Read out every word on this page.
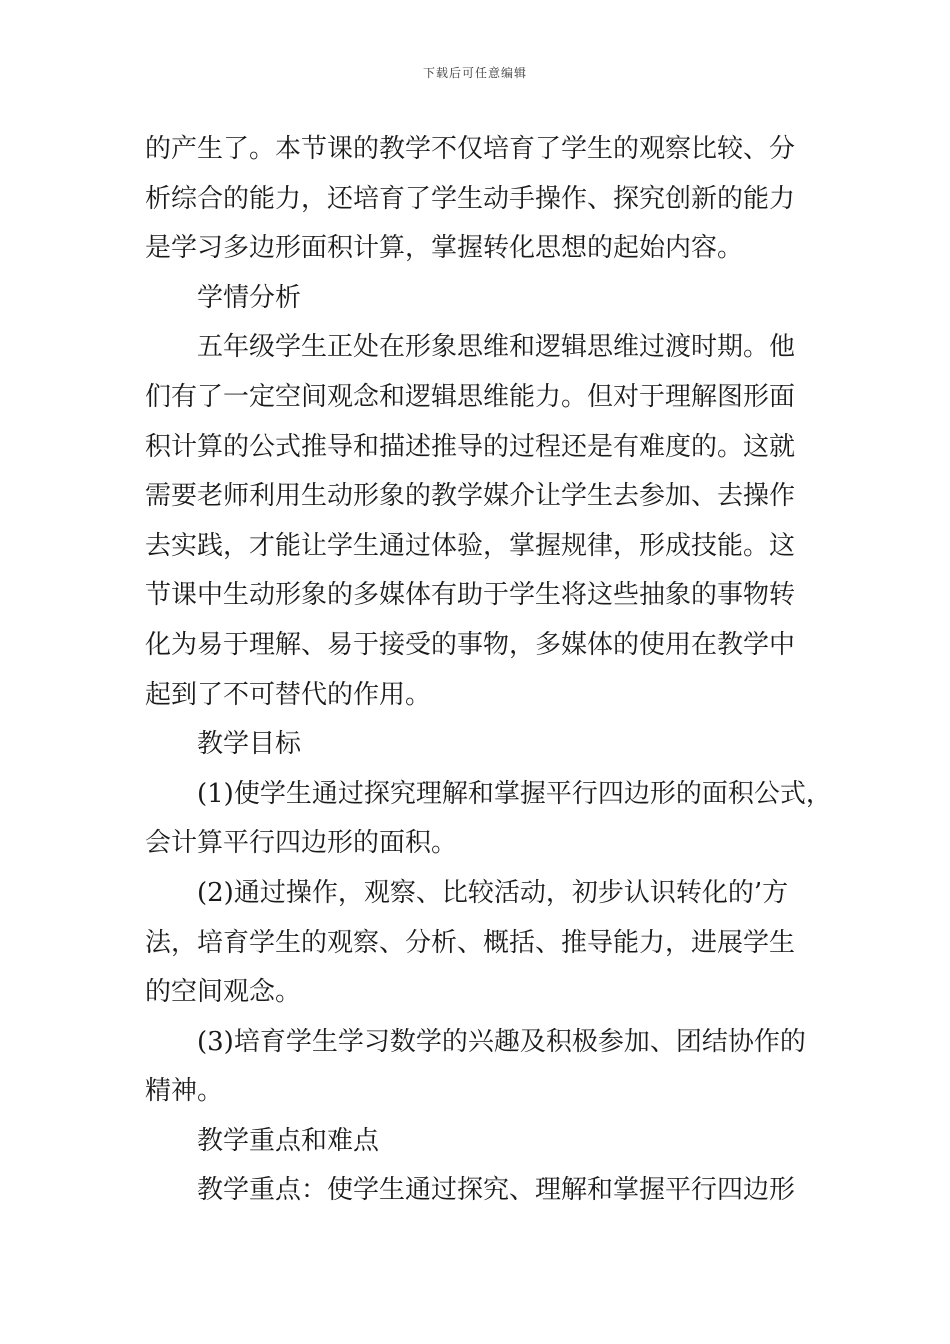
下载后可任意编辑
的产生了。本节课的教学不仅培育了学生的观察比较、分
析综合的能力，还培育了学生动手操作、探究创新的能力
是学习多边形面积计算，掌握转化思想的起始内容。
学情分析
五年级学生正处在形象思维和逻辑思维过渡时期。他
们有了一定空间观念和逻辑思维能力。但对于理解图形面
积计算的公式推导和描述推导的过程还是有难度的。这就
需要老师利用生动形象的教学媒介让学生去参加、去操作
去实践，才能让学生通过体验，掌握规律，形成技能。这
节课中生动形象的多媒体有助于学生将这些抽象的事物转
化为易于理解、易于接受的事物，多媒体的使用在教学中
起到了不可替代的作用。
教学目标
(1)使学生通过探究理解和掌握平行四边形的面积公式，
会计算平行四边形的面积。
(2)通过操作，观察、比较活动，初步认识转化的’方
法，培育学生的观察、分析、概括、推导能力，进展学生
的空间观念。
(3)培育学生学习数学的兴趣及积极参加、团结协作的
精神。
教学重点和难点
教学重点：使学生通过探究、理解和掌握平行四边形
